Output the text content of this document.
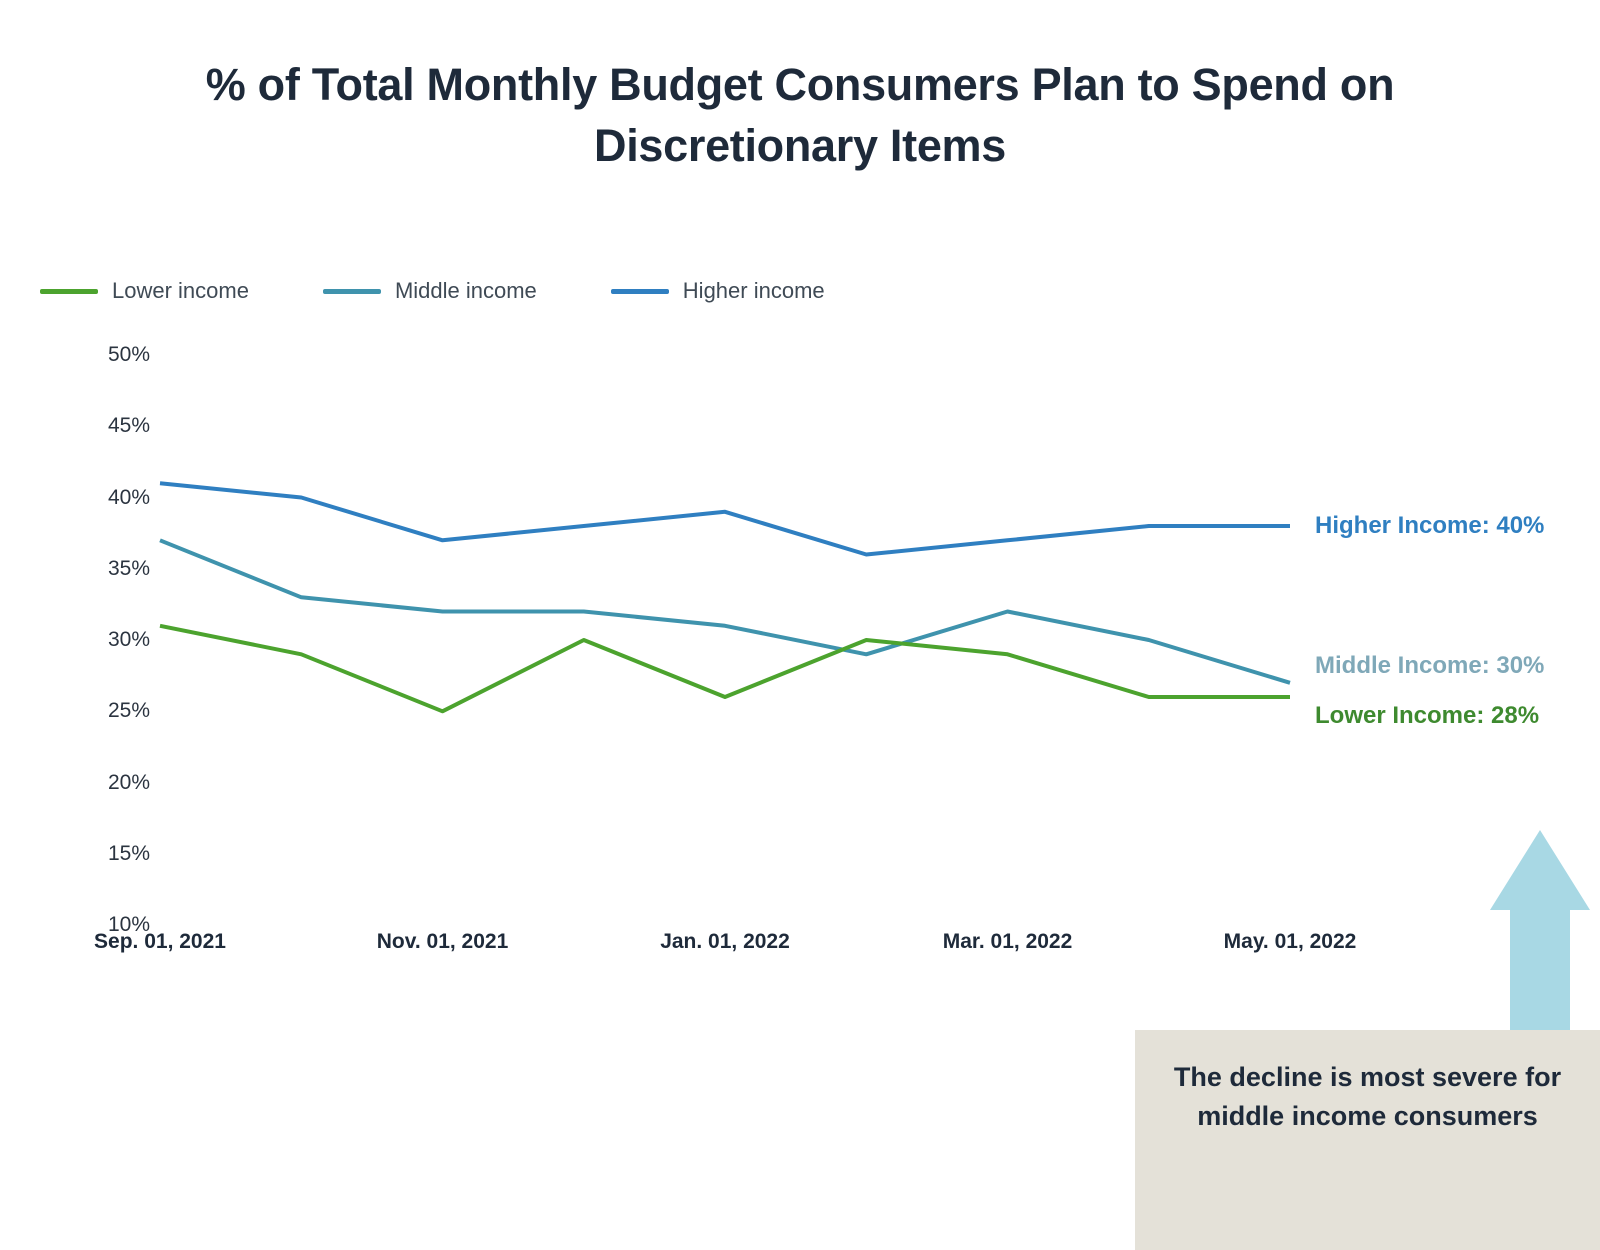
% of Total Monthly Budget Consumers Plan to Spend on Discretionary Items
Lower income	Middle income	Higher income
10%
15%
20%
25%
30%
35%
40%
45%
50%
Sep. 01, 2021	Nov. 01, 2021	Jan. 01, 2022	Mar. 01, 2022	May. 01, 2022
Higher Income: 40%
Middle Income: 30%
Lower Income: 28%
The decline is most severe for middle income consumers
